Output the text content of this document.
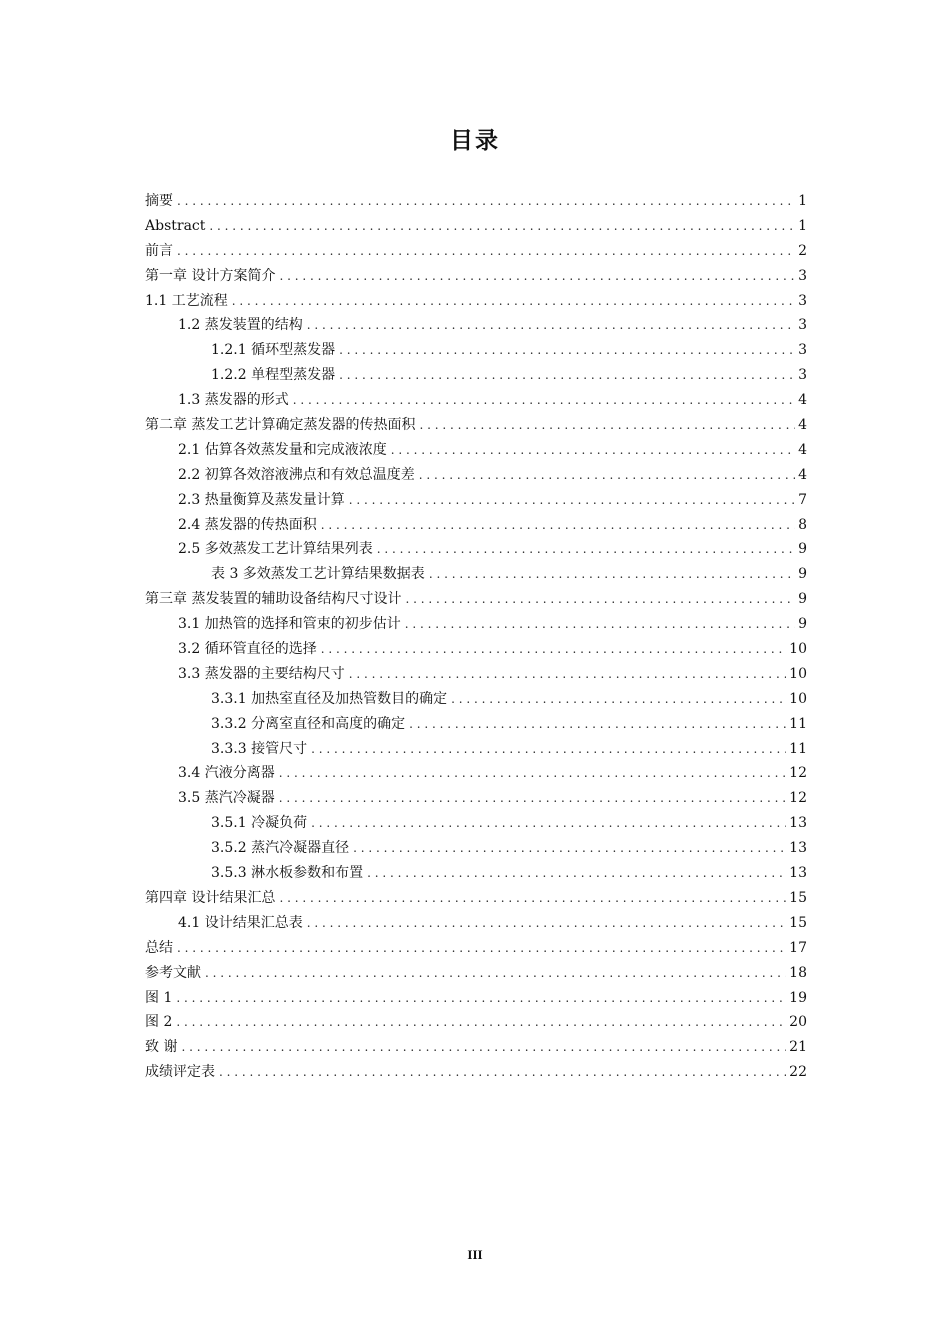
目录
摘要 . . .	1
Abstract . . .	1
前言 . . .	2
第一章 设计方案简介 . . .	3
1.1 工艺流程 . . .	3
1.2 蒸发装置的结构 . . .	3
1.2.1 循环型蒸发器 . . .	3
1.2.2 单程型蒸发器 . . .	3
1.3 蒸发器的形式 . . .	4
第二章 蒸发工艺计算确定蒸发器的传热面积 . . .	4
2.1 估算各效蒸发量和完成液浓度 . . .	4
2.2 初算各效溶液沸点和有效总温度差 . . .	4
2.3 热量衡算及蒸发量计算 . . .	7
2.4 蒸发器的传热面积 . . .	8
2.5 多效蒸发工艺计算结果列表 . . .	9
表 3 多效蒸发工艺计算结果数据表 . . .	9
第三章 蒸发装置的辅助设备结构尺寸设计 . . .	9
3.1 加热管的选择和管束的初步估计 . . .	9
3.2 循环管直径的选择 . . .	10
3.3 蒸发器的主要结构尺寸 . . .	10
3.3.1 加热室直径及加热管数目的确定 . . .	10
3.3.2 分离室直径和高度的确定 . . .	11
3.3.3 接管尺寸 . . .	11
3.4 汽液分离器 . . .	12
3.5 蒸汽冷凝器 . . .	12
3.5.1 冷凝负荷 . . .	13
3.5.2 蒸汽冷凝器直径 . . .	13
3.5.3 淋水板参数和布置 . . .	13
第四章 设计结果汇总 . . .	15
4.1 设计结果汇总表 . . .	15
总结 . . .	17
参考文献 . . .	18
图 1 . . .	19
图 2 . . .	20
致 谢 . . .	21
成绩评定表 . . .	22
III
